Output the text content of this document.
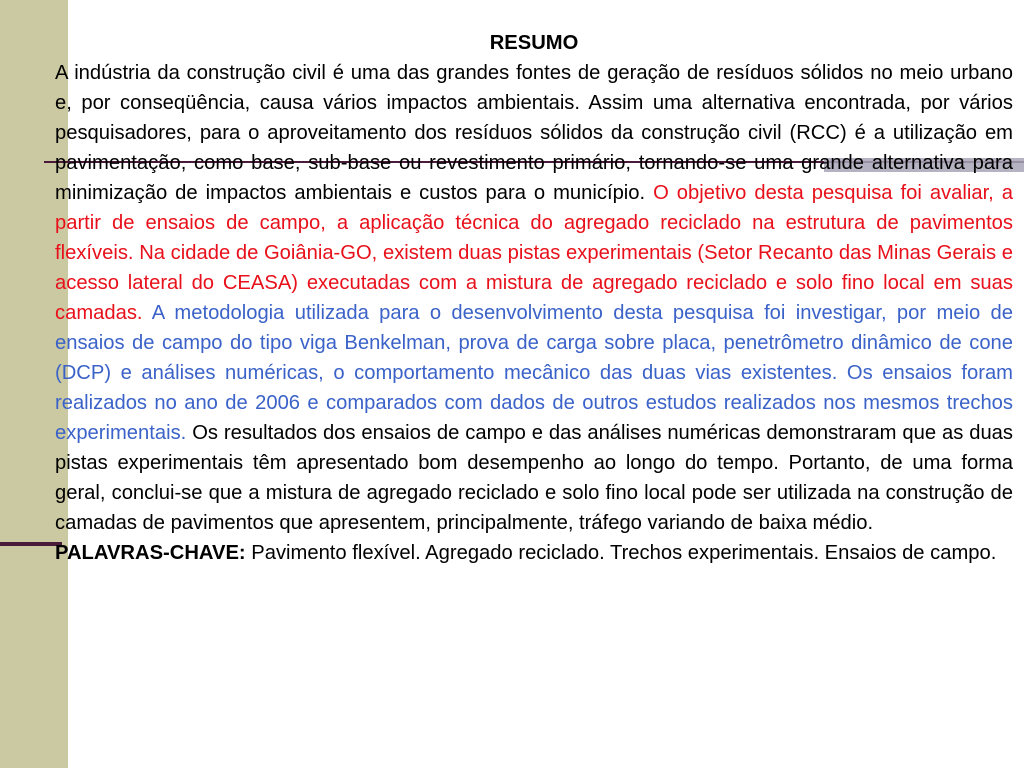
RESUMO

A indústria da construção civil é uma das grandes fontes de geração de resíduos sólidos no meio urbano e, por conseqüência, causa vários impactos ambientais. Assim uma alternativa encontrada, por vários pesquisadores, para o aproveitamento dos resíduos sólidos da construção civil (RCC) é a utilização em pavimentação, como base, sub-base ou revestimento primário, tornando-se uma grande alternativa para minimização de impactos ambientais e custos para o município. O objetivo desta pesquisa foi avaliar, a partir de ensaios de campo, a aplicação técnica do agregado reciclado na estrutura de pavimentos flexíveis. Na cidade de Goiânia-GO, existem duas pistas experimentais (Setor Recanto das Minas Gerais e acesso lateral do CEASA) executadas com a mistura de agregado reciclado e solo fino local em suas camadas. A metodologia utilizada para o desenvolvimento desta pesquisa foi investigar, por meio de ensaios de campo do tipo viga Benkelman, prova de carga sobre placa, penetrômetro dinâmico de cone (DCP) e análises numéricas, o comportamento mecânico das duas vias existentes. Os ensaios foram realizados no ano de 2006 e comparados com dados de outros estudos realizados nos mesmos trechos experimentais. Os resultados dos ensaios de campo e das análises numéricas demonstraram que as duas pistas experimentais têm apresentado bom desempenho ao longo do tempo. Portanto, de uma forma geral, conclui-se que a mistura de agregado reciclado e solo fino local pode ser utilizada na construção de camadas de pavimentos que apresentem, principalmente, tráfego variando de baixa médio.

PALAVRAS-CHAVE: Pavimento flexível. Agregado reciclado. Trechos experimentais. Ensaios de campo.
